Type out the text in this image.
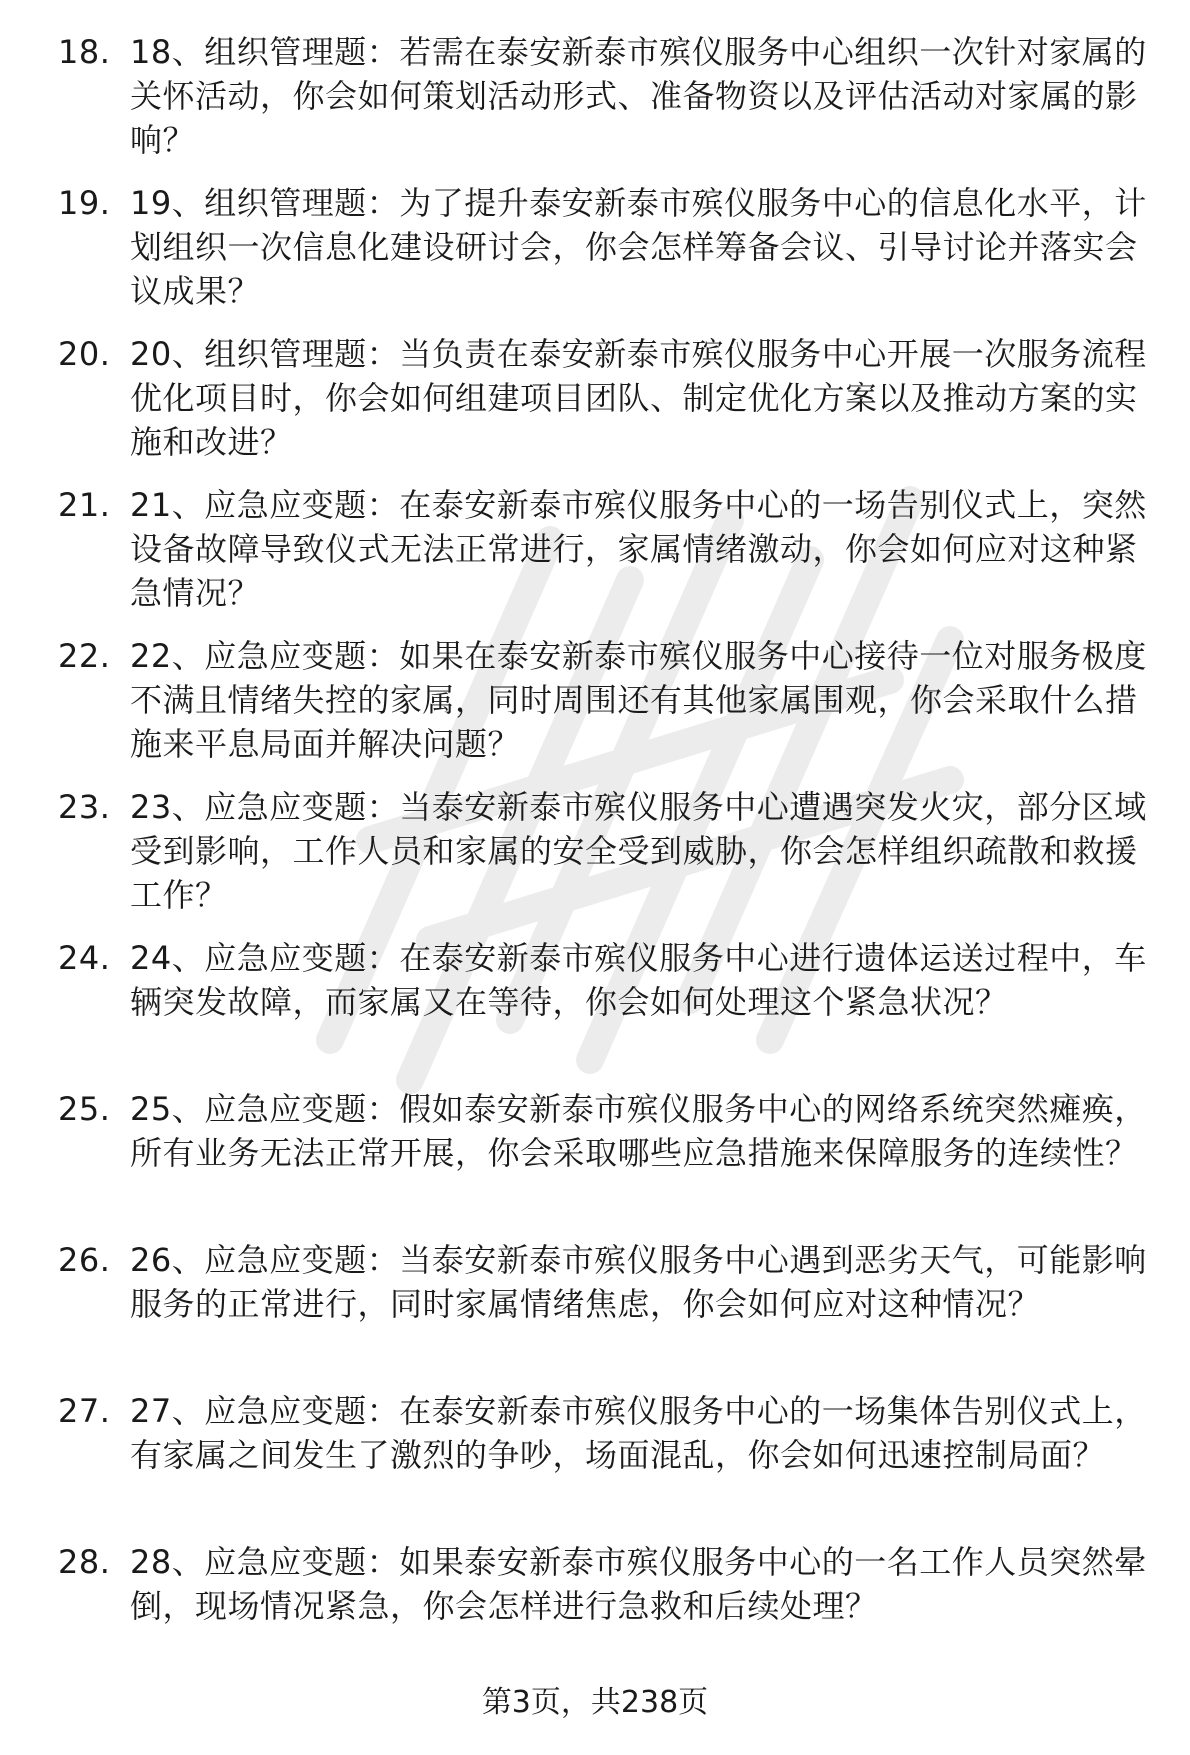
18. 18、组织管理题：若需在泰安新泰市殡仪服务中心组织一次针对家属的关怀活动，你会如何策划活动形式、准备物资以及评估活动对家属的影响？
19. 19、组织管理题：为了提升泰安新泰市殡仪服务中心的信息化水平，计划组织一次信息化建设研讨会，你会怎样筹备会议、引导讨论并落实会议成果？
20. 20、组织管理题：当负责在泰安新泰市殡仪服务中心开展一次服务流程优化项目时，你会如何组建项目团队、制定优化方案以及推动方案的实施和改进？
21. 21、应急应变题：在泰安新泰市殡仪服务中心的一场告别仪式上，突然设备故障导致仪式无法正常进行，家属情绪激动，你会如何应对这种紧急情况？
22. 22、应急应变题：如果在泰安新泰市殡仪服务中心接待一位对服务极度不满且情绪失控的家属，同时周围还有其他家属围观，你会采取什么措施来平息局面并解决问题？
23. 23、应急应变题：当泰安新泰市殡仪服务中心遭遇突发火灾，部分区域受到影响，工作人员和家属的安全受到威胁，你会怎样组织疏散和救援工作？
24. 24、应急应变题：在泰安新泰市殡仪服务中心进行遗体运送过程中，车辆突发故障，而家属又在等待，你会如何处理这个紧急状况？
25. 25、应急应变题：假如泰安新泰市殡仪服务中心的网络系统突然瘫痪，所有业务无法正常开展，你会采取哪些应急措施来保障服务的连续性？
26. 26、应急应变题：当泰安新泰市殡仪服务中心遇到恶劣天气，可能影响服务的正常进行，同时家属情绪焦虑，你会如何应对这种情况？
27. 27、应急应变题：在泰安新泰市殡仪服务中心的一场集体告别仪式上，有家属之间发生了激烈的争吵，场面混乱，你会如何迅速控制局面？
28. 28、应急应变题：如果泰安新泰市殡仪服务中心的一名工作人员突然晕倒，现场情况紧急，你会怎样进行急救和后续处理？
第3页，共238页
